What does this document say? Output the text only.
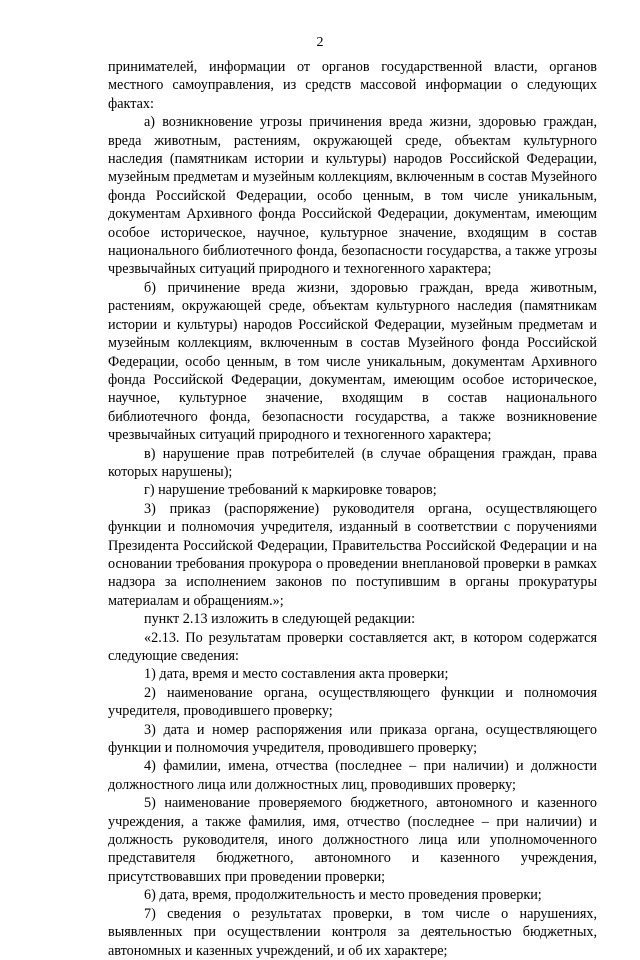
2

принимателей, информации от органов государственной власти, органов местного самоуправления, из средств массовой информации о следующих фактах:

а) возникновение угрозы причинения вреда жизни, здоровью граждан, вреда животным, растениям, окружающей среде, объектам культурного наследия (памятникам истории и культуры) народов Российской Федерации, музейным предметам и музейным коллекциям, включенным в состав Музейного фонда Российской Федерации, особо ценным, в том числе уникальным, документам Архивного фонда Российской Федерации, документам, имеющим особое историческое, научное, культурное значение, входящим в состав национального библиотечного фонда, безопасности государства, а также угрозы чрезвычайных ситуаций природного и техногенного характера;

б) причинение вреда жизни, здоровью граждан, вреда животным, растениям, окружающей среде, объектам культурного наследия (памятникам истории и культуры) народов Российской Федерации, музейным предметам и музейным коллекциям, включенным в состав Музейного фонда Российской Федерации, особо ценным, в том числе уникальным, документам Архивного фонда Российской Федерации, документам, имеющим особое историческое, научное, культурное значение, входящим в состав национального библиотечного фонда, безопасности государства, а также возникновение чрезвычайных ситуаций природного и техногенного характера;

в) нарушение прав потребителей (в случае обращения граждан, права которых нарушены);

г) нарушение требований к маркировке товаров;

3) приказ (распоряжение) руководителя органа, осуществляющего функции и полномочия учредителя, изданный в соответствии с поручениями Президента Российской Федерации, Правительства Российской Федерации и на основании требования прокурора о проведении внеплановой проверки в рамках надзора за исполнением законов по поступившим в органы прокуратуры материалам и обращениям.»;

пункт 2.13 изложить в следующей редакции:

«2.13. По результатам проверки составляется акт, в котором содержатся следующие сведения:

1) дата, время и место составления акта проверки;

2) наименование органа, осуществляющего функции и полномочия учредителя, проводившего проверку;

3) дата и номер распоряжения или приказа органа, осуществляющего функции и полномочия учредителя, проводившего проверку;

4) фамилии, имена, отчества (последнее – при наличии) и должности должностного лица или должностных лиц, проводивших проверку;

5) наименование проверяемого бюджетного, автономного и казенного учреждения, а также фамилия, имя, отчество (последнее – при наличии) и должность руководителя, иного должностного лица или уполномоченного представителя бюджетного, автономного и казенного учреждения, присутствовавших при проведении проверки;

6) дата, время, продолжительность и место проведения проверки;

7) сведения о результатах проверки, в том числе о нарушениях, выявленных при осуществлении контроля за деятельностью бюджетных, автономных и казенных учреждений, и об их характере;
